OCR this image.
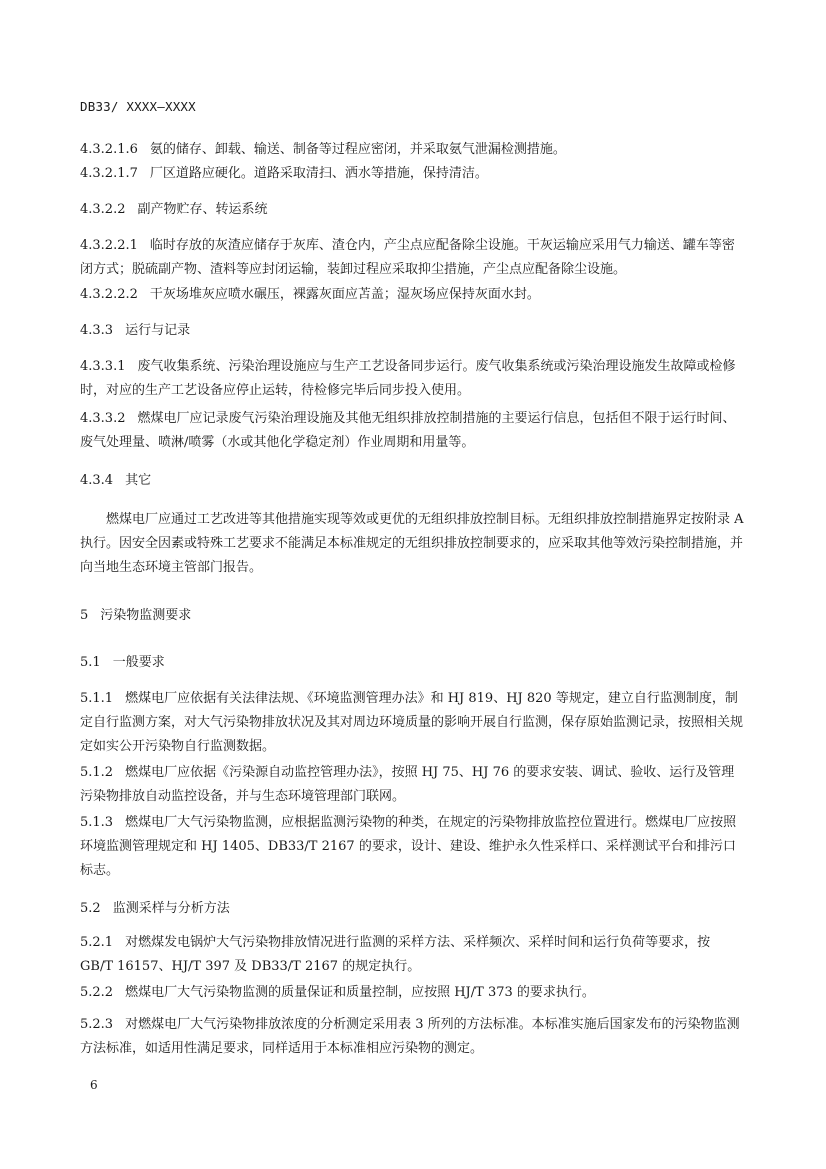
DB33/ XXXX—XXXX
4.3.2.1.6 氨的储存、卸载、输送、制备等过程应密闭，并采取氨气泄漏检测措施。
4.3.2.1.7 厂区道路应硬化。道路采取清扫、洒水等措施，保持清洁。
4.3.2.2 副产物贮存、转运系统
4.3.2.2.1 临时存放的灰渣应储存于灰库、渣仓内，产尘点应配备除尘设施。干灰运输应采用气力输送、罐车等密闭方式；脱硫副产物、渣料等应封闭运输，装卸过程应采取抑尘措施，产尘点应配备除尘设施。
4.3.2.2.2 干灰场堆灰应喷水碾压，裸露灰面应苫盖；湿灰场应保持灰面水封。
4.3.3 运行与记录
4.3.3.1 废气收集系统、污染治理设施应与生产工艺设备同步运行。废气收集系统或污染治理设施发生故障或检修时，对应的生产工艺设备应停止运转，待检修完毕后同步投入使用。
4.3.3.2 燃煤电厂应记录废气污染治理设施及其他无组织排放控制措施的主要运行信息，包括但不限于运行时间、废气处理量、喷淋/喷雾（水或其他化学稳定剂）作业周期和用量等。
4.3.4 其它
燃煤电厂应通过工艺改进等其他措施实现等效或更优的无组织排放控制目标。无组织排放控制措施界定按附录 A 执行。因安全因素或特殊工艺要求不能满足本标准规定的无组织排放控制要求的，应采取其他等效污染控制措施，并向当地生态环境主管部门报告。
5 污染物监测要求
5.1 一般要求
5.1.1 燃煤电厂应依据有关法律法规、《环境监测管理办法》和 HJ 819、HJ 820 等规定，建立自行监测制度，制定自行监测方案，对大气污染物排放状况及其对周边环境质量的影响开展自行监测，保存原始监测记录，按照相关规定如实公开污染物自行监测数据。
5.1.2 燃煤电厂应依据《污染源自动监控管理办法》，按照 HJ 75、HJ 76 的要求安装、调试、验收、运行及管理污染物排放自动监控设备，并与生态环境管理部门联网。
5.1.3 燃煤电厂大气污染物监测，应根据监测污染物的种类，在规定的污染物排放监控位置进行。燃煤电厂应按照环境监测管理规定和 HJ 1405、DB33/T 2167 的要求，设计、建设、维护永久性采样口、采样测试平台和排污口标志。
5.2 监测采样与分析方法
5.2.1 对燃煤发电锅炉大气污染物排放情况进行监测的采样方法、采样频次、采样时间和运行负荷等要求，按 GB/T 16157、HJ/T 397 及 DB33/T 2167 的规定执行。
5.2.2 燃煤电厂大气污染物监测的质量保证和质量控制，应按照 HJ/T 373 的要求执行。
5.2.3 对燃煤电厂大气污染物排放浓度的分析测定采用表 3 所列的方法标准。本标准实施后国家发布的污染物监测方法标准，如适用性满足要求，同样适用于本标准相应污染物的测定。
6
